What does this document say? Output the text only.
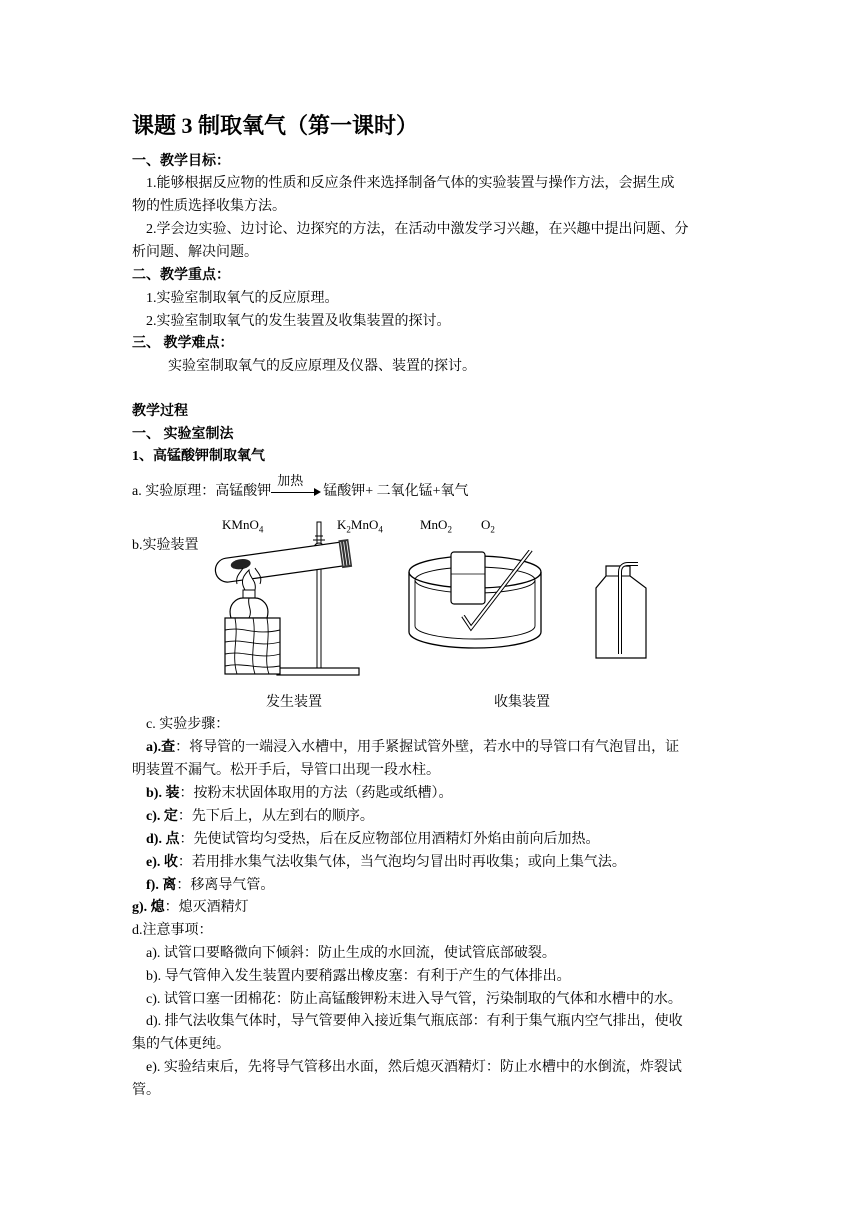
课题 3 制取氧气（第一课时）
一、教学目标：
1.能够根据反应物的性质和反应条件来选择制备气体的实验装置与操作方法，会据生成
物的性质选择收集方法。
2.学会边实验、边讨论、边探究的方法，在活动中激发学习兴趣，在兴趣中提出问题、分
析问题、解决问题。
二、教学重点：
1.实验室制取氧气的反应原理。
2.实验室制取氧气的发生装置及收集装置的探讨。
三、 教学难点：
实验室制取氧气的反应原理及仪器、装置的探讨。
教学过程
一、 实验室制法
1、高锰酸钾制取氧气
a. 实验原理：高锰酸钾
加热
锰酸钾+ 二氧化锰+氧气
KMnO$_4$	$K_2MnO_4$	MnO$_2$ $O_2$
b.实验装置
发生装置	收集装置
c. 实验步骤：
a).查：将导管的一端浸入水槽中，用手紧握试管外壁，若水中的导管口有气泡冒出，证
明装置不漏气。松开手后，导管口出现一段水柱。
b). 装：按粉末状固体取用的方法（药匙或纸槽）。
c). 定：先下后上，从左到右的顺序。
d). 点：先使试管均匀受热，后在反应物部位用酒精灯外焰由前向后加热。
e). 收：若用排水集气法收集气体，当气泡均匀冒出时再收集；或向上集气法。
f). 离：移离导气管。
g). 熄：熄灭酒精灯
d.注意事项：
a). 试管口要略微向下倾斜：防止生成的水回流，使试管底部破裂。
b). 导气管伸入发生装置内要稍露出橡皮塞：有利于产生的气体排出。
c). 试管口塞一团棉花：防止高锰酸钾粉末进入导气管，污染制取的气体和水槽中的水。
d). 排气法收集气体时，导气管要伸入接近集气瓶底部：有利于集气瓶内空气排出，使收
集的气体更纯。
e). 实验结束后，先将导气管移出水面，然后熄灭酒精灯：防止水槽中的水倒流，炸裂试
管。
